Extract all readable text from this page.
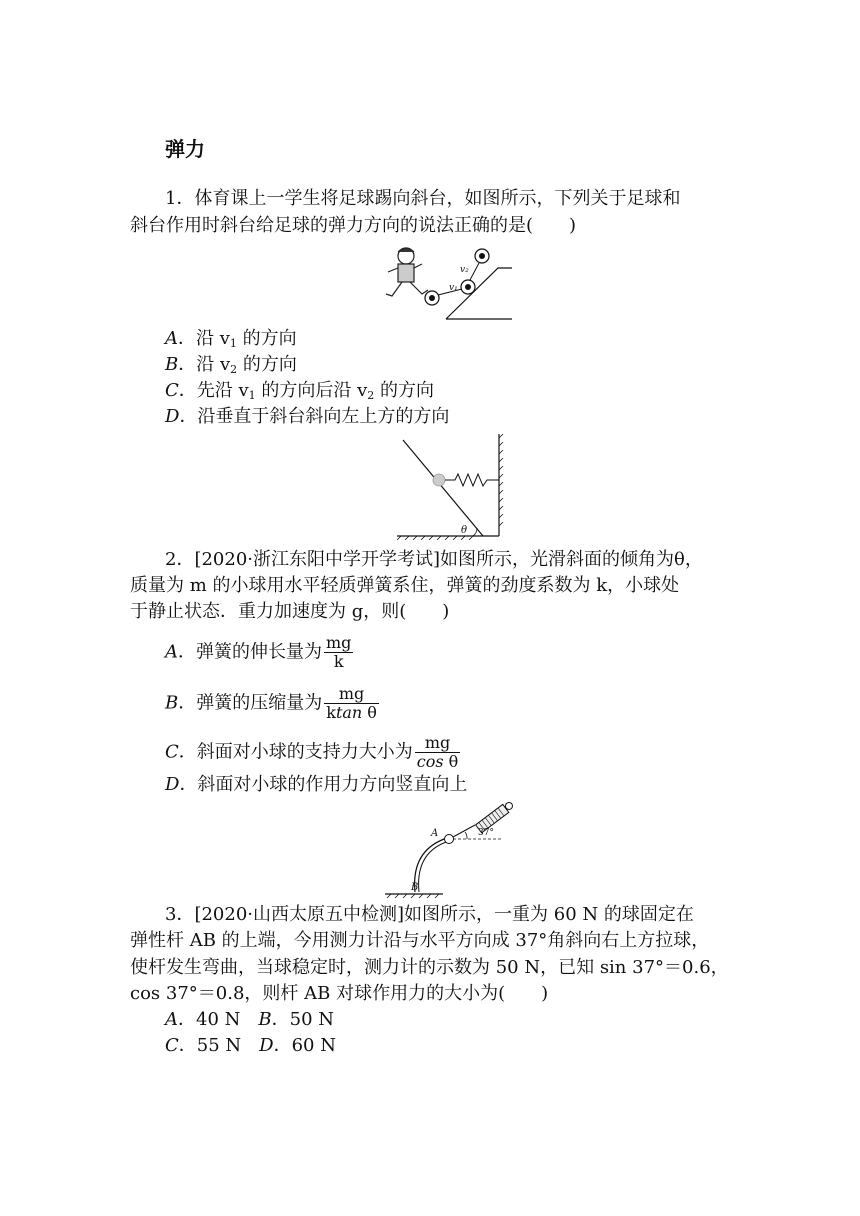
弹力
1．体育课上一学生将足球踢向斜台，如图所示，下列关于足球和
斜台作用时斜台给足球的弹力方向的说法正确的是(　　)
v₁
v₂
A．沿 $v_1$ 的方向
B．沿 $v_2$ 的方向
C．先沿 $v_1$ 的方向后沿 $v_2$ 的方向
D．沿垂直于斜台斜向左上方的方向
θ
2．[2020·浙江东阳中学开学考试]如图所示，光滑斜面的倾角为θ，
质量为 m 的小球用水平轻质弹簧系住，弹簧的劲度系数为 k，小球处
于静止状态．重力加速度为 g，则(　　)
A．弹簧的伸长量为 $\frac{mg}{k}$
B．弹簧的压缩量为 $\frac{mg}{\text{ktan θ}}$
C．斜面对小球的支持力大小为 $\frac{mg}{\text{cos θ}}$
D．斜面对小球的作用力方向竖直向上
37°
A
B
3．[2020·山西太原五中检测]如图所示，一重为 60 N 的球固定在
弹性杆 AB 的上端，今用测力计沿与水平方向成 37°角斜向右上方拉球，
使杆发生弯曲，当球稳定时，测力计的示数为 50 N，已知 sin 37°＝0.6，
cos 37°＝0.8，则杆 AB 对球作用力的大小为(　　)
A．40 N　 B．50 N
C．55 N　 D．60 N
